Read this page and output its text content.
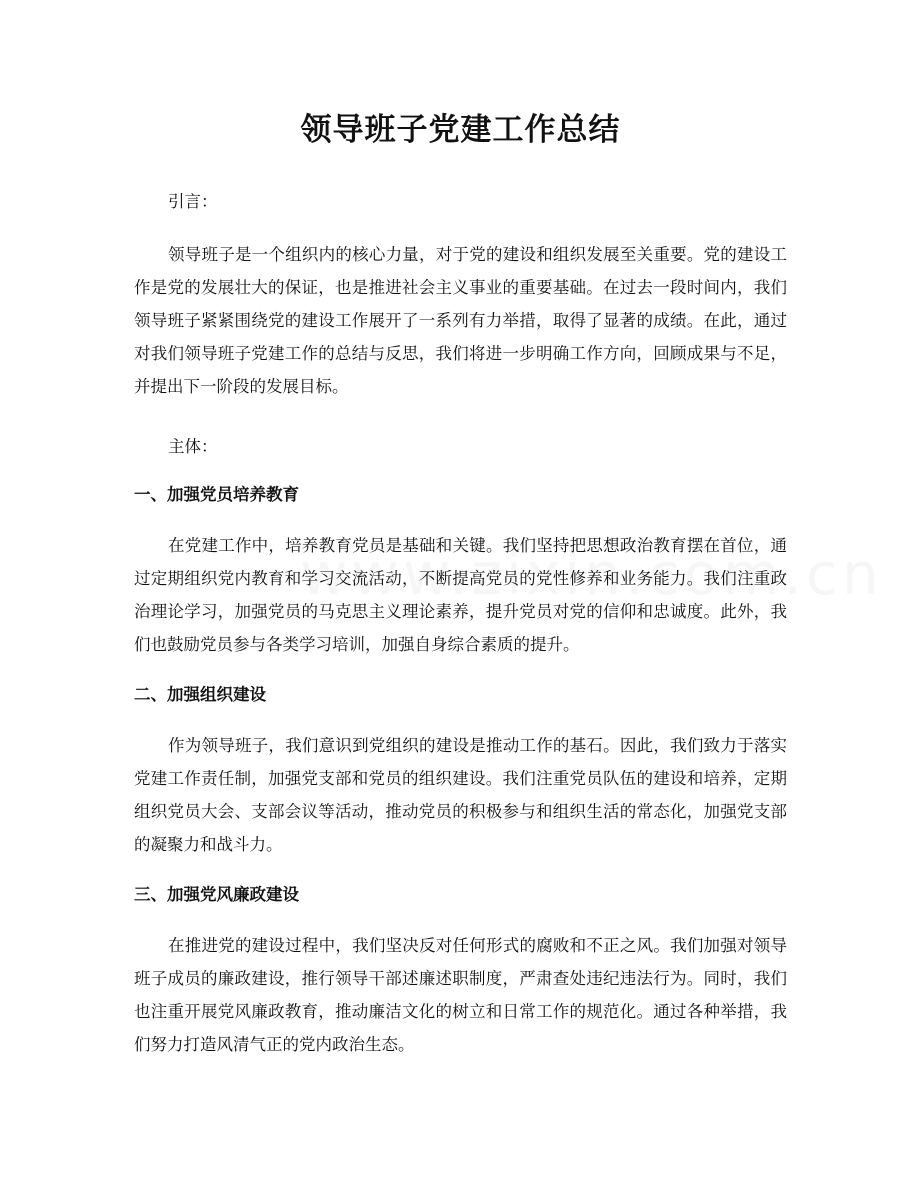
领导班子党建工作总结

引言：

领导班子是一个组织内的核心力量，对于党的建设和组织发展至关重要。党的建设工作是党的发展壮大的保证，也是推进社会主义事业的重要基础。在过去一段时间内，我们领导班子紧紧围绕党的建设工作展开了一系列有力举措，取得了显著的成绩。在此，通过对我们领导班子党建工作的总结与反思，我们将进一步明确工作方向，回顾成果与不足，并提出下一阶段的发展目标。

主体：

一、加强党员培养教育

在党建工作中，培养教育党员是基础和关键。我们坚持把思想政治教育摆在首位，通过定期组织党内教育和学习交流活动，不断提高党员的党性修养和业务能力。我们注重政治理论学习，加强党员的马克思主义理论素养，提升党员对党的信仰和忠诚度。此外，我们也鼓励党员参与各类学习培训，加强自身综合素质的提升。

二、加强组织建设

作为领导班子，我们意识到党组织的建设是推动工作的基石。因此，我们致力于落实党建工作责任制，加强党支部和党员的组织建设。我们注重党员队伍的建设和培养，定期组织党员大会、支部会议等活动，推动党员的积极参与和组织生活的常态化，加强党支部的凝聚力和战斗力。

三、加强党风廉政建设

在推进党的建设过程中，我们坚决反对任何形式的腐败和不正之风。我们加强对领导班子成员的廉政建设，推行领导干部述廉述职制度，严肃查处违纪违法行为。同时，我们也注重开展党风廉政教育，推动廉洁文化的树立和日常工作的规范化。通过各种举措，我们努力打造风清气正的党内政治生态。
